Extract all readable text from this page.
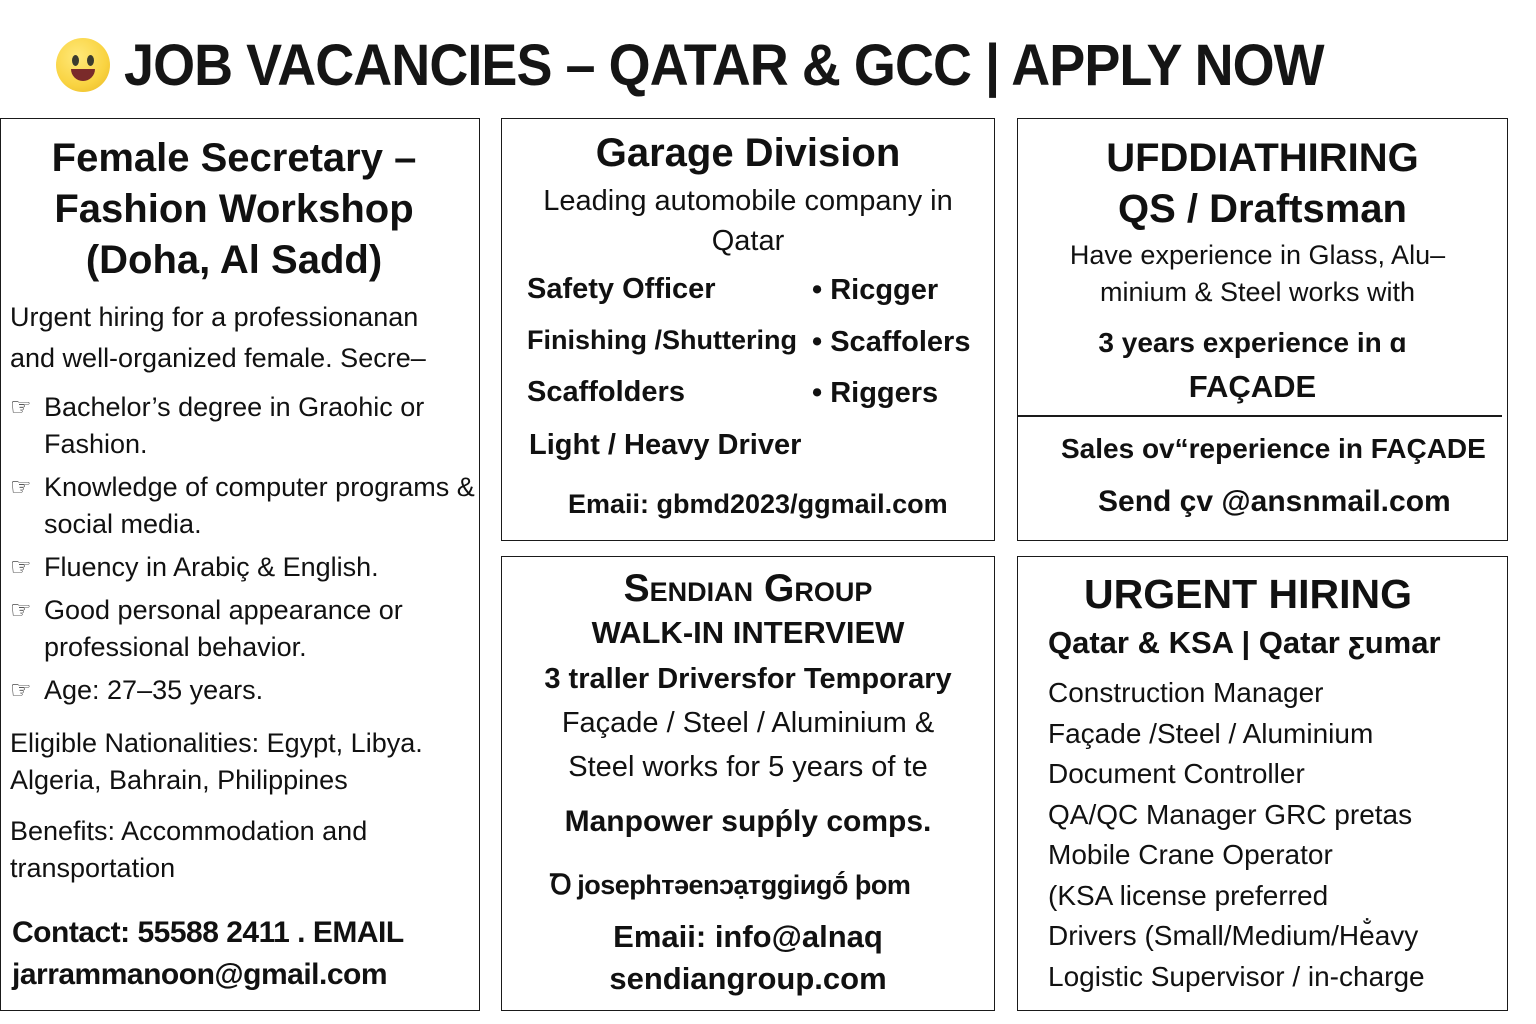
JOB VACANCIES – QATAR & GCC | APPLY NOW
Female Secretary – Fashion Workshop (Doha, Al Sadd)
Urgent hiring for a professionanan and well-organized female. Secre–
☞ Bachelor’s degree in Graohic or Fashion.
☞ Knowledge of computer programs & social media.
☞ Fluency in Arabiç & English.
☞ Good personal appearance or professional behavior.
☞ Age: 27–35 years.
Eligible Nationalities: Egypt, Libya. Algeria, Bahrain, Philippines
Benefits: Accommodation and transportation
Contact: 55588 2411 . EMAIL
jarrammanoon@gmail.com
Garage Division
Leading automobile company in Qatar
Safety Officer
Finishing /Shuttering
Scaffolders
Light / Heavy Driver
• Ricgger
• Scaffolers
• Riggers
Emaii: gbmd2023/ggmail.com
UFDDIATHIRING QS / Draftsman
Have experience in Glass, Alu– minium & Steel works with
3 years experience in ɑ
FAÇADE
Sales ov“reperience in FAÇADE
Send çv @ansnmail.com
Sendian Group
WALK-IN INTERVIEW
3 traller Driversfor Temporary
Façade / Steel / Aluminium &
Steel works for 5 years of te
Manpower supṕly comps.
Ꝺ josephтəenɔạтggiиgṓ þom
Emaii: info@alnaq
sendiangroup.com
URGENT HIRING
Qatar & KSA | Qatar ƹumar
Construction Manager
Façade /Steel / Aluminium
Document Controller
QA/QC Manager GRC pretas
Mobile Crane Operator
(KSA license preferred
Drivers (Small/Medium/He̐avy
Logistic Supervisor / in-charge
